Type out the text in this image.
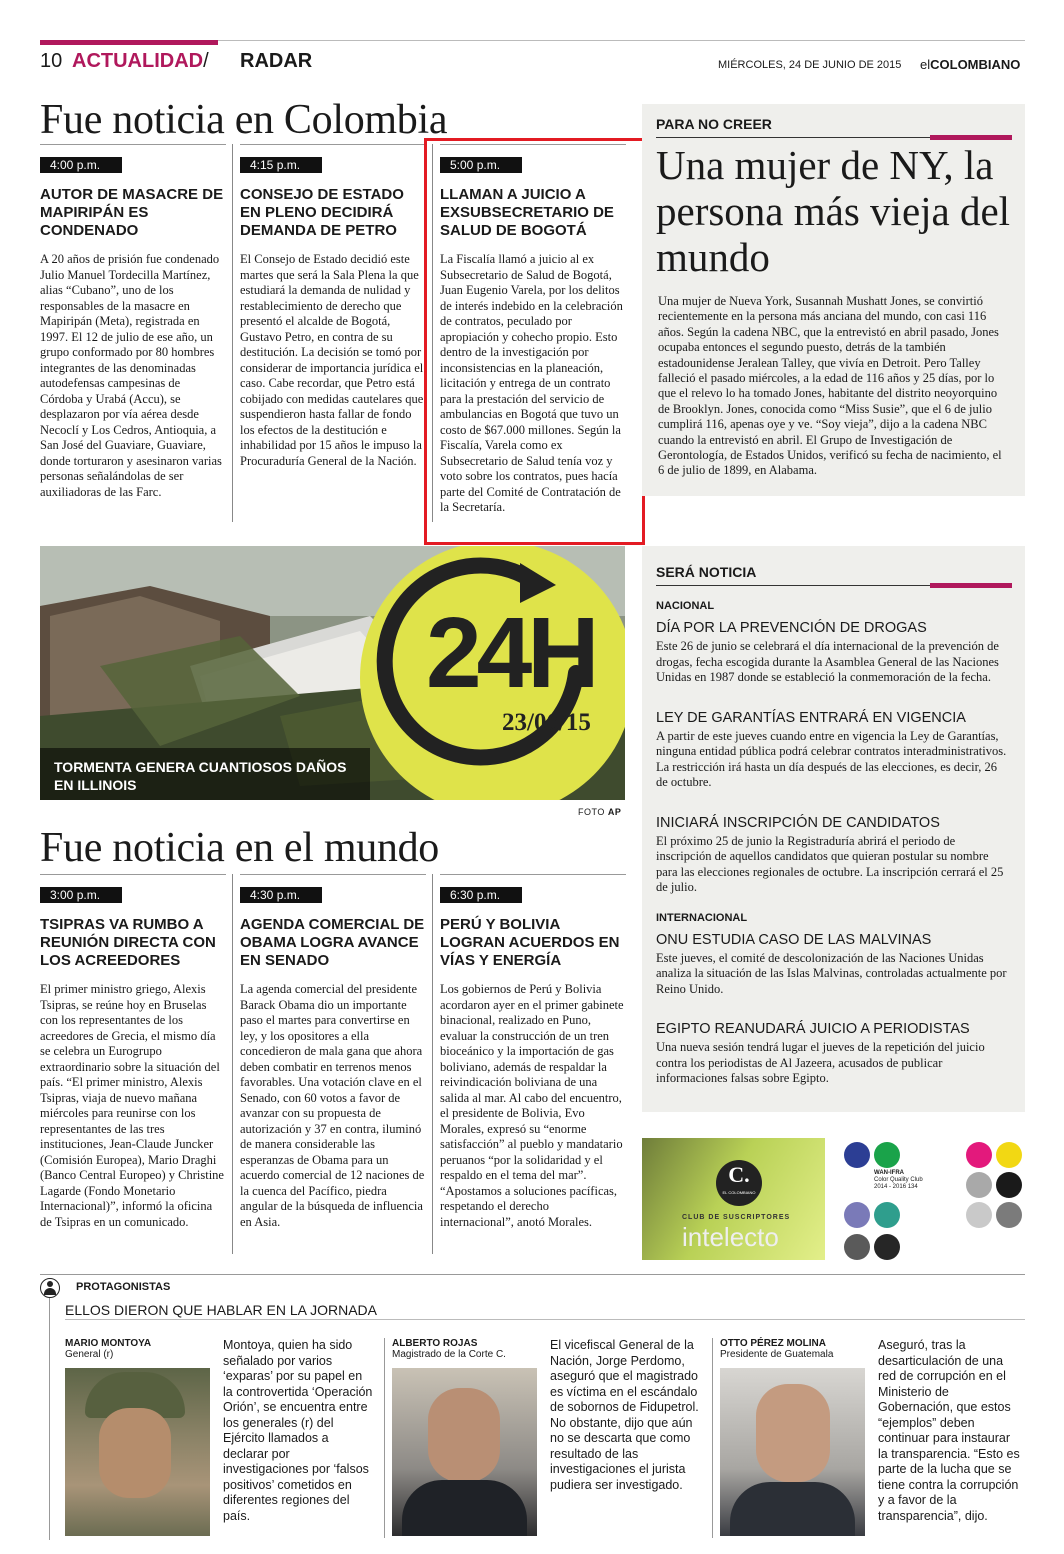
10 ACTUALIDAD/ RADAR	MIÉRCOLES, 24 DE JUNIO DE 2015 elCOLOMBIANO
Fue noticia en Colombia
4:00 p.m.
AUTOR DE MASACRE DE MAPIRIPÁN ES CONDENADO

A 20 años de prisión fue condenado Julio Manuel Tordecilla Martínez, alias “Cubano”, uno de los responsables de la masacre en Mapiripán (Meta), registrada en 1997. El 12 de julio de ese año, un grupo conformado por 80 hombres integrantes de las denominadas autodefensas campesinas de Córdoba y Urabá (Accu), se desplazaron por vía aérea desde Necoclí y Los Cedros, Antioquia, a San José del Guaviare, Guaviare, donde torturaron y asesinaron varias personas señalándolas de ser auxiliadoras de las Farc.

4:15 p.m.
CONSEJO DE ESTADO EN PLENO DECIDIRÁ DEMANDA DE PETRO

El Consejo de Estado decidió este martes que será la Sala Plena la que estudiará la demanda de nulidad y restablecimiento de derecho que presentó el alcalde de Bogotá, Gustavo Petro, en contra de su destitución. La decisión se tomó por considerar de importancia jurídica el caso. Cabe recordar, que Petro está cobijado con medidas cautelares que suspendieron hasta fallar de fondo los efectos de la destitución e inhabilidad por 15 años le impuso la Procuraduría General de la Nación.

5:00 p.m.
LLAMAN A JUICIO A EXSUBSECRETARIO DE SALUD DE BOGOTÁ

La Fiscalía llamó a juicio al ex Subsecretario de Salud de Bogotá, Juan Eugenio Varela, por los delitos de interés indebido en la celebración de contratos, peculado por apropiación y cohecho propio. Esto dentro de la investigación por inconsistencias en la planeación, licitación y entrega de un contrato para la prestación del servicio de ambulancias en Bogotá que tuvo un costo de $67.000 millones. Según la Fiscalía, Varela como ex Subsecretario de Salud tenía voz y voto sobre los contratos, pues hacía parte del Comité de Contratación de la Secretaría.

PARA NO CREER
Una mujer de NY, la persona más vieja del mundo

Una mujer de Nueva York, Susannah Mushatt Jones, se convirtió recientemente en la persona más anciana del mundo, con casi 116 años. Según la cadena NBC, que la entrevistó en abril pasado, Jones ocupaba entonces el segundo puesto, detrás de la también estadounidense Jeralean Talley, que vivía en Detroit. Pero Talley falleció el pasado miércoles, a la edad de 116 años y 25 días, por lo que el relevo lo ha tomado Jones, habitante del distrito neoyorquino de Brooklyn. Jones, conocida como “Miss Susie”, que el 6 de julio cumplirá 116, apenas oye y ve. “Soy vieja”, dijo a la cadena NBC cuando la entrevistó en abril. El Grupo de Investigación de Gerontología, de Estados Unidos, verificó su fecha de nacimiento, el 6 de julio de 1899, en Alabama.

TORMENTA GENERA CUANTIOSOS DAÑOS EN ILLINOIS
24H
23/06/15
FOTO AP
SERÁ NOTICIA
NACIONAL
DÍA POR LA PREVENCIÓN DE DROGAS

Este 26 de junio se celebrará el día internacional de la prevención de drogas, fecha escogida durante la Asamblea General de las Naciones Unidas en 1987 donde se estableció la conmemoración de la fecha.

LEY DE GARANTÍAS ENTRARÁ EN VIGENCIA

A partir de este jueves cuando entre en vigencia la Ley de Garantías, ninguna entidad pública podrá celebrar contratos interadministrativos. La restricción irá hasta un día después de las elecciones, es decir, 26 de octubre.

INICIARÁ INSCRIPCIÓN DE CANDIDATOS

El próximo 25 de junio la Registraduría abrirá el periodo de inscripción de aquellos candidatos que quieran postular su nombre para las elecciones regionales de octubre. La inscripción cerrará el 25 de julio.

INTERNACIONAL
ONU ESTUDIA CASO DE LAS MALVINAS

Este jueves, el comité de descolonización de las Naciones Unidas analiza la situación de las Islas Malvinas, controladas actualmente por Reino Unido.

EGIPTO REANUDARÁ JUICIO A PERIODISTAS

Una nueva sesión tendrá lugar el jueves de la repetición del juicio contra los periodistas de Al Jazeera, acusados de publicar informaciones falsas sobre Egipto.

Fue noticia en el mundo
3:00 p.m.
TSIPRAS VA RUMBO A REUNIÓN DIRECTA CON LOS ACREEDORES

El primer ministro griego, Alexis Tsipras, se reúne hoy en Bruselas con los representantes de los acreedores de Grecia, el mismo día se celebra un Eurogrupo extraordinario sobre la situación del país. “El primer ministro, Alexis Tsipras, viaja de nuevo mañana miércoles para reunirse con los representantes de las tres instituciones, Jean-Claude Juncker (Comisión Europea), Mario Draghi (Banco Central Europeo) y Christine Lagarde (Fondo Monetario Internacional)”, informó la oficina de Tsipras en un comunicado.

4:30 p.m.
AGENDA COMERCIAL DE OBAMA LOGRA AVANCE EN SENADO

La agenda comercial del presidente Barack Obama dio un importante paso el martes para convertirse en ley, y los opositores a ella concedieron de mala gana que ahora deben combatir en terrenos menos favorables. Una votación clave en el Senado, con 60 votos a favor de avanzar con su propuesta de autorización y 37 en contra, iluminó de manera considerable las esperanzas de Obama para un acuerdo comercial de 12 naciones de la cuenca del Pacífico, piedra angular de la búsqueda de influencia en Asia.

6:30 p.m.
PERÚ Y BOLIVIA LOGRAN ACUERDOS EN VÍAS Y ENERGÍA

Los gobiernos de Perú y Bolivia acordaron ayer en el primer gabinete binacional, realizado en Puno, evaluar la construcción de un tren bioceánico y la importación de gas boliviano, además de respaldar la reivindicación boliviana de una salida al mar. Al cabo del encuentro, el presidente de Bolivia, Evo Morales, expresó su “enorme satisfacción” al pueblo y mandatario peruanos “por la solidaridad y el respaldo en el tema del mar”. “Apostamos a soluciones pacíficas, respetando el derecho internacional”, anotó Morales.

C.
EL COLOMBIANO
CLUB DE SUSCRIPTORES
intelecto
WAN-IFRA
Color Quality Club
2014 - 2016 134
PROTAGONISTAS
ELLOS DIERON QUE HABLAR EN LA JORNADA
MARIO MONTOYA
General (r)
Montoya, quien ha sido señalado por varios ‘exparas’ por su papel en la controvertida ‘Operación Orión’, se encuentra entre los generales (r) del Ejército llamados a declarar por investigaciones por ‘falsos positivos’ cometidos en diferentes regiones del país.
ALBERTO ROJAS
Magistrado de la Corte C.
El vicefiscal General de la Nación, Jorge Perdomo, aseguró que el magistrado es víctima en el escándalo de sobornos de Fidupetrol. No obstante, dijo que aún no se descarta que como resultado de las investigaciones el jurista pudiera ser investigado.
OTTO PÉREZ MOLINA
Presidente de Guatemala
Aseguró, tras la desarticulación de una red de corrupción en el Ministerio de Gobernación, que estos “ejemplos” deben continuar para instaurar la transparencia. “Esto es parte de la lucha que se tiene contra la corrupción y a favor de la transparencia”, dijo.
